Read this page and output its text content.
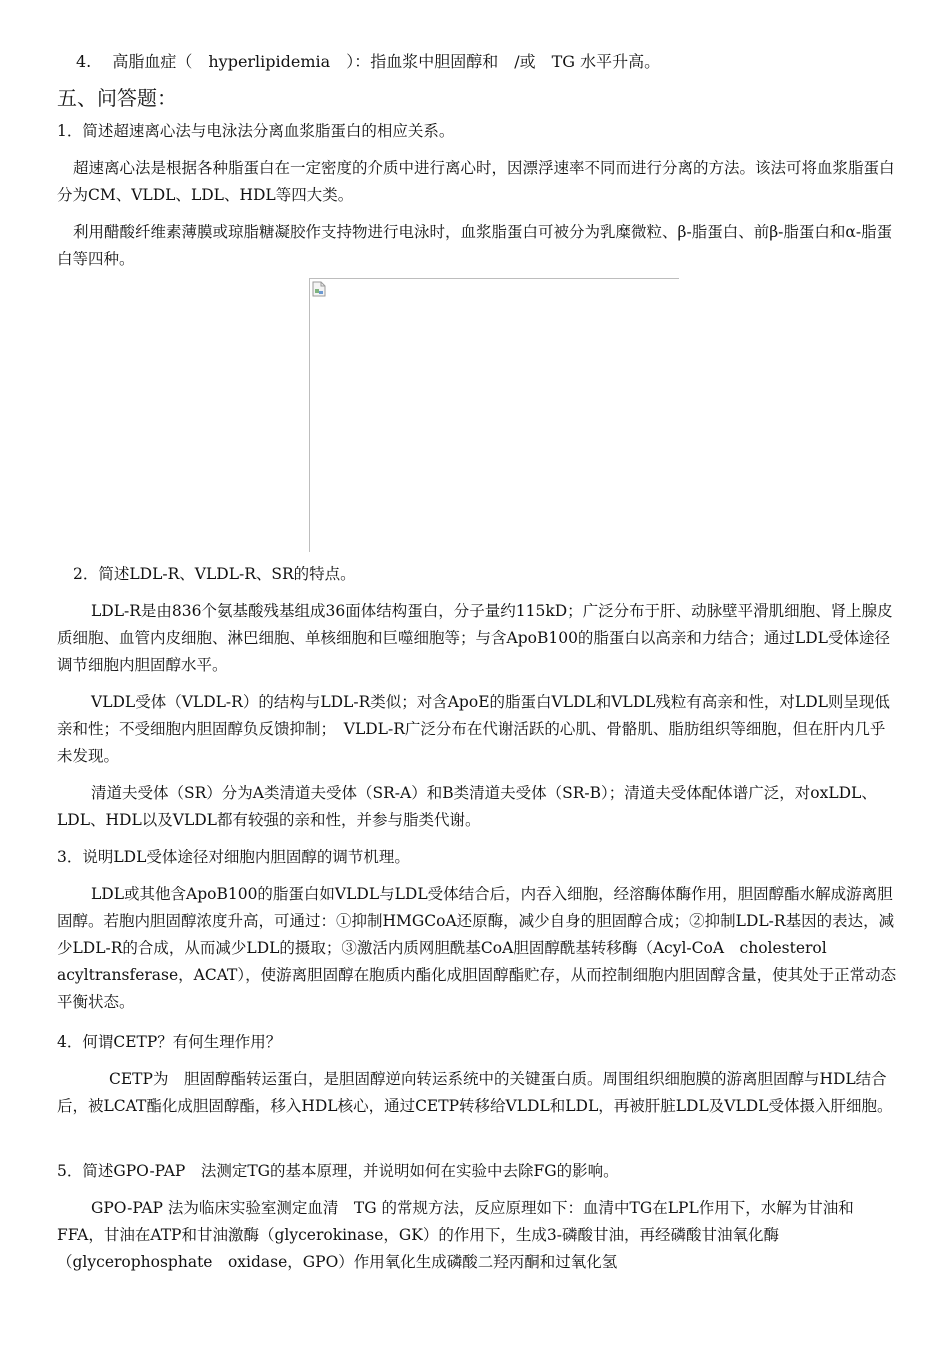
4.　 高脂血症（　hyperlipidemia　）：指血浆中胆固醇和　/或　TG 水平升高。

五、问答题：

1．简述超速离心法与电泳法分离血浆脂蛋白的相应关系。

超速离心法是根据各种脂蛋白在一定密度的介质中进行离心时，因漂浮速率不同而进行分离的方法。该法可将血浆脂蛋白分为CM、VLDL、LDL、HDL等四大类。

利用醋酸纤维素薄膜或琼脂糖凝胶作支持物进行电泳时，血浆脂蛋白可被分为乳糜微粒、β-脂蛋白、前β-脂蛋白和α-脂蛋白等四种。

2．简述LDL-R、VLDL-R、SR的特点。

LDL-R是由836个氨基酸残基组成36面体结构蛋白，分子量约115kD；广泛分布于肝、动脉壁平滑肌细胞、肾上腺皮质细胞、血管内皮细胞、淋巴细胞、单核细胞和巨噬细胞等；与含ApoB100的脂蛋白以高亲和力结合；通过LDL受体途径调节细胞内胆固醇水平。

VLDL受体（VLDL-R）的结构与LDL-R类似；对含ApoE的脂蛋白VLDL和VLDL残粒有高亲和性，对LDL则呈现低亲和性；不受细胞内胆固醇负反馈抑制；　VLDL-R广泛分布在代谢活跃的心肌、骨骼肌、脂肪组织等细胞，但在肝内几乎未发现。

清道夫受体（SR）分为A类清道夫受体（SR-A）和B类清道夫受体（SR-B）；清道夫受体配体谱广泛，对oxLDL、LDL、HDL以及VLDL都有较强的亲和性，并参与脂类代谢。

3．说明LDL受体途径对细胞内胆固醇的调节机理。

LDL或其他含ApoB100的脂蛋白如VLDL与LDL受体结合后，内吞入细胞，经溶酶体酶作用，胆固醇酯水解成游离胆固醇。若胞内胆固醇浓度升高，可通过：①抑制HMGCoA还原酶，减少自身的胆固醇合成；②抑制LDL-R基因的表达，减少LDL-R的合成，从而减少LDL的摄取；③激活内质网胆酰基CoA胆固醇酰基转移酶（Acyl-CoA　cholesterol　acyltransferase，ACAT），使游离胆固醇在胞质内酯化成胆固醇酯贮存，从而控制细胞内胆固醇含量，使其处于正常动态平衡状态。

4．何谓CETP？有何生理作用？

CETP为　胆固醇酯转运蛋白，是胆固醇逆向转运系统中的关键蛋白质。周围组织细胞膜的游离胆固醇与HDL结合后，被LCAT酯化成胆固醇酯，移入HDL核心，通过CETP转移给VLDL和LDL，再被肝脏LDL及VLDL受体摄入肝细胞。

5．简述GPO-PAP　法测定TG的基本原理，并说明如何在实验中去除FG的影响。

GPO-PAP 法为临床实验室测定血清　TG 的常规方法，反应原理如下：血清中TG在LPL作用下，水解为甘油和FFA，甘油在ATP和甘油激酶（glycerokinase，GK）的作用下，生成3-磷酸甘油，再经磷酸甘油氧化酶（glycerophosphate　oxidase，GPO）作用氧化生成磷酸二羟丙酮和过氧化氢
